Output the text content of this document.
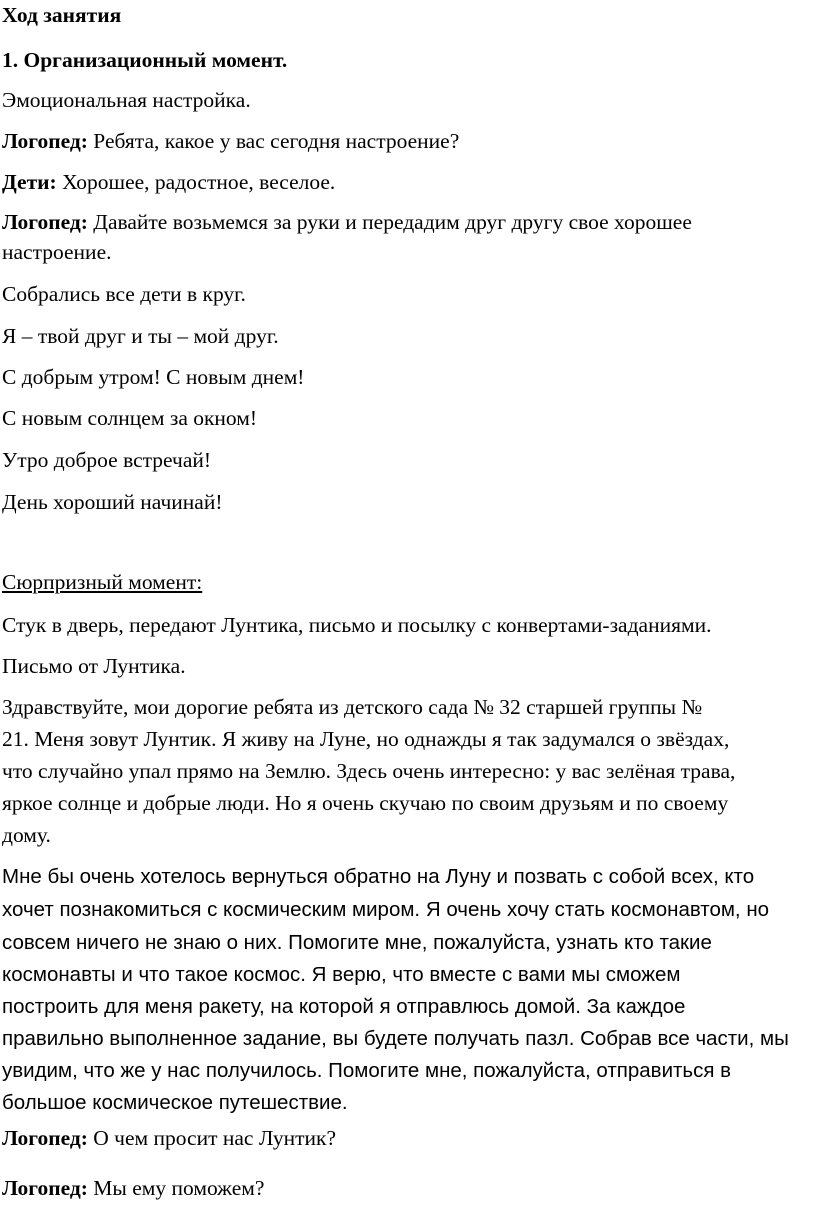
Ход занятия
1. Организационный момент.
Эмоциональная настройка.
Логопед: Ребята, какое у вас сегодня настроение?
Дети: Хорошее, радостное, веселое.
Логопед: Давайте возьмемся за руки и передадим друг другу свое хорошее
настроение.
Собрались все дети в круг.
Я – твой друг и ты – мой друг.
С добрым утром! С новым днем!
С новым солнцем за окном!
Утро доброе встречай!
День хороший начинай!
Сюрпризный момент:
Стук в дверь, передают Лунтика, письмо и посылку с конвертами-заданиями.
Письмо от Лунтика.
Здравствуйте, мои дорогие ребята из детского сада № 32 старшей группы №
21. Меня зовут Лунтик. Я живу на Луне, но однажды я так задумался о звёздах,
что случайно упал прямо на Землю. Здесь очень интересно: у вас зелёная трава,
яркое солнце и добрые люди. Но я очень скучаю по своим друзьям и по своему
дому.
Мне бы очень хотелось вернуться обратно на Луну и позвать с собой всех, кто
хочет познакомиться с космическим миром. Я очень хочу стать космонавтом, но
совсем ничего не знаю о них. Помогите мне, пожалуйста, узнать кто такие
космонавты и что такое космос. Я верю, что вместе с вами мы сможем
построить для меня ракету, на которой я отправлюсь домой. За каждое
правильно выполненное задание, вы будете получать пазл. Собрав все части, мы
увидим, что же у нас получилось. Помогите мне, пожалуйста, отправиться в
большое космическое путешествие.
Логопед: О чем просит нас Лунтик?
Логопед: Мы ему поможем?
